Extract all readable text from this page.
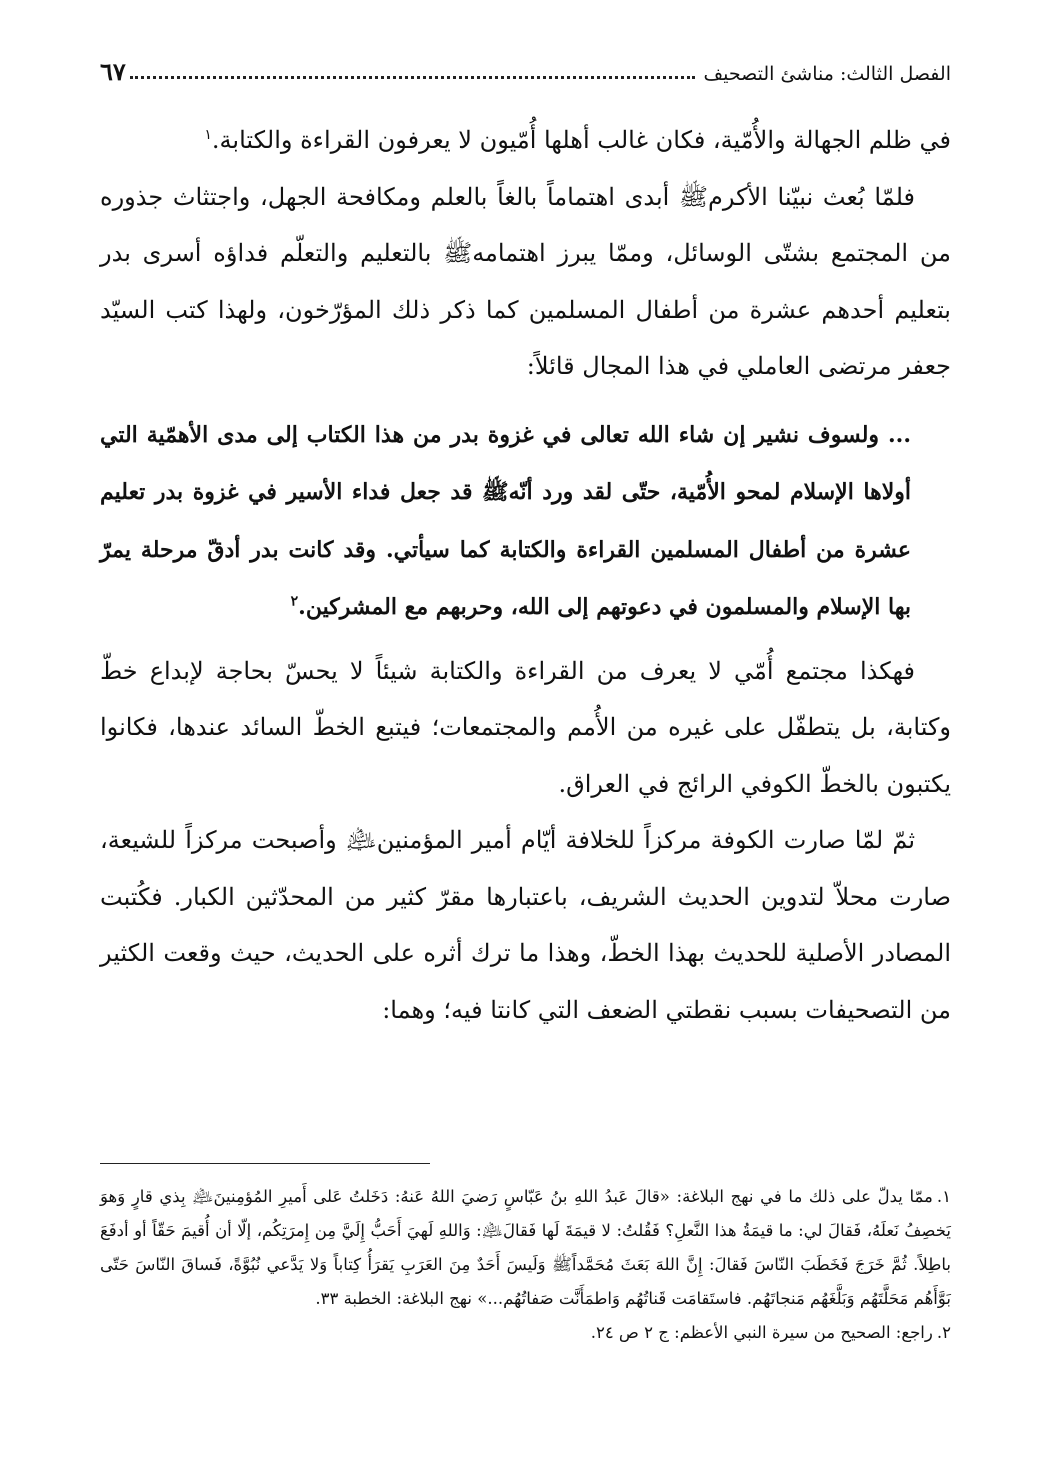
الفصل الثالث: مناشئ التصحيف
٦٧

في ظلم الجهالة والأُمّية، فكان غالب أهلها أُمّيون لا يعرفون القراءة والكتابة.$^١$

فلمّا بُعث نبيّنا الأكرمﷺ أبدى اهتماماً بالغاً بالعلم ومكافحة الجهل، واجتثاث جذوره من المجتمع بشتّى الوسائل، وممّا يبرز اهتمامهﷺ بالتعليم والتعلّم فداؤه أسرى بدر بتعليم أحدهم عشرة من أطفال المسلمين كما ذكر ذلك المؤرّخون، ولهذا كتب السيّد جعفر مرتضى العاملي في هذا المجال قائلاً:

... ولسوف نشير إن شاء الله تعالى في غزوة بدر من هذا الكتاب إلى مدى الأهمّية التي أولاها الإسلام لمحو الأُمّية، حتّى لقد ورد أنّهﷺ قد جعل فداء الأسير في غزوة بدر تعليم عشرة من أطفال المسلمين القراءة والكتابة كما سيأتي. وقد كانت بدر أدقّ مرحلة يمرّ بها الإسلام والمسلمون في دعوتهم إلى الله، وحربهم مع المشركين.$^٢$

فهكذا مجتمع أُمّي لا يعرف من القراءة والكتابة شيئاً لا يحسّ بحاجة لإبداع خطّ وكتابة، بل يتطفّل على غيره من الأُمم والمجتمعات؛ فيتبع الخطّ السائد عندها، فكانوا يكتبون بالخطّ الكوفي الرائج في العراق.

ثمّ لمّا صارت الكوفة مركزاً للخلافة أيّام أمير المؤمنين﵇ وأصبحت مركزاً للشيعة، صارت محلاّ لتدوين الحديث الشريف، باعتبارها مقرّ كثير من المحدّثين الكبار. فكُتبت المصادر الأصلية للحديث بهذا الخطّ، وهذا ما ترك أثره على الحديث، حيث وقعت الكثير من التصحيفات بسبب نقطتي الضعف التي كانتا فيه؛ وهما:

١.ممّا يدلّ على ذلك ما في نهج البلاغة: «قالَ عَبدُ اللهِ بنُ عَبّاسٍ رَضيَ اللهُ عَنهُ: دَخَلتُ عَلى أَميرِ المُؤمِنينَ﵇ بِذي قارٍ وَهوَ يَخصِفُ نَعلَهُ، فَقالَ لي: ما قيمَةُ هذا النَّعلِ؟ فَقُلتُ: لا قيمَةَ لَها فَقالَ﵇: وَاللهِ لَهيَ أَحَبُّ إِلَيَّ مِن إِمرَتِكُم، إلّا أن أُقيمَ حَقّاً أو أدفَعَ باطِلاً. ثُمَّ خَرَجَ فَخَطَبَ النّاسَ فَقالَ: إِنَّ اللهَ بَعَثَ مُحَمَّداًﷺ وَلَيسَ أَحَدٌ مِنَ العَرَبِ يَقرَأُ كِتاباً وَلا يَدَّعي نُبُوَّةً، فَساقَ النّاسَ حَتّى بَوَّأَهُم مَحَلَّتَهُم وَبَلَّغَهُم مَنجاتَهُم. فاستَقامَت قَناتُهُم وَاطمَأَنَّت صَفاتُهُم...» نهج البلاغة: الخطبة ٣٣.

٢.راجع: الصحيح من سيرة النبي الأعظم: ج ٢ ص ٢٤.
